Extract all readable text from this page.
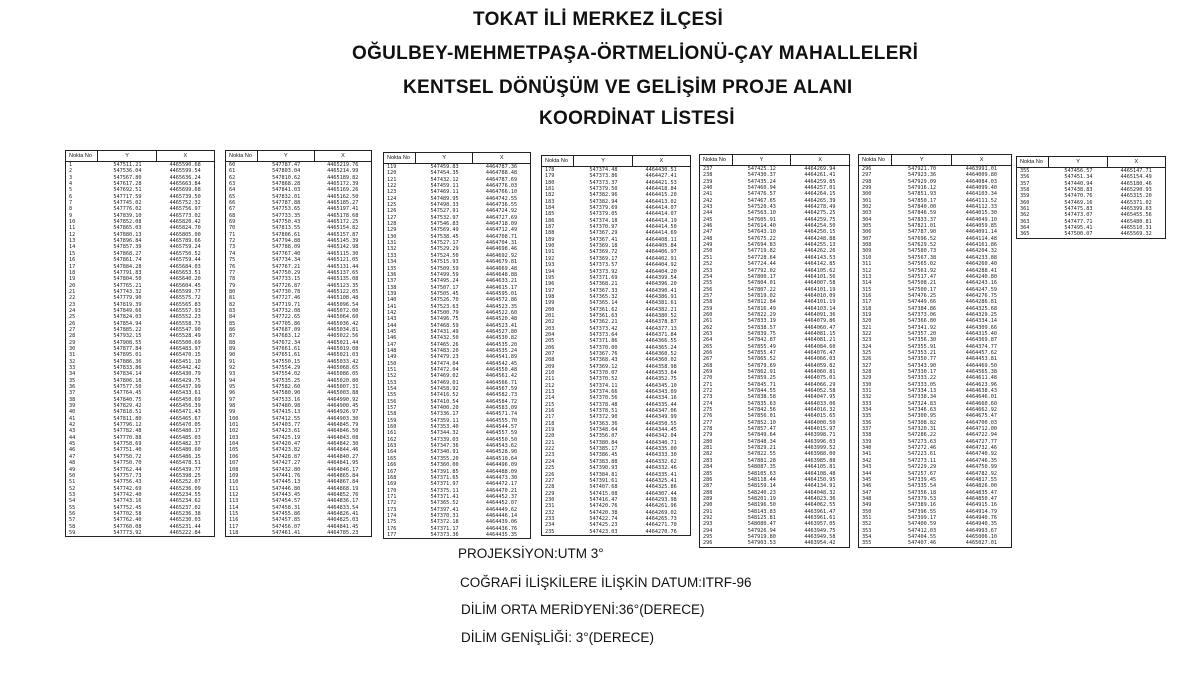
TOKAT İLİ MERKEZ İLÇESİ
OĞULBEY-MEHMETPAŞA-ÖRTMELİONÜ-ÇAY MAHALLELERİ
KENTSEL DÖNÜŞÜM VE GELİŞİM PROJE ALANI
KOORDİNAT LİSTESİ
Nokta No	Y	X
1	547511.21	4465590.68
2	547536.04	4465599.54
3	547567.80	4465636.24
4	547617.28	4465663.84
5	547692.51	4465699.68
6	547717.59	4465739.50
7	547745.02	4465752.32
8	547776.02	4465756.97
9	547839.10	4465773.02
10	547852.08	4465820.42
11	547865.03	4465824.70
12	547880.13	4465805.00
13	547896.84	4465789.66
14	547857.39	4465759.24
15	547868.27	4465750.52
16	547861.74	4465759.44
17	547884.28	4465684.03
18	547791.83	4465653.51
19	547804.50	4465640.20
20	547765.21	4465604.45
21	547743.32	4465599.77
22	547779.90	4465575.72
23	547819.39	4465565.83
24	547849.66	4465557.93
25	547824.03	4465552.23
26	547854.94	4465558.73
27	547885.22	4465547.90
28	547932.15	4465528.49
29	547908.55	4465500.69
30	547877.84	4465483.97
31	547895.01	4465470.15
32	547886.36	4465451.10
33	547833.86	4465442.42
34	547834.14	4465430.79
35	547806.18	4465429.75
36	547577.50	4465437.99
37	547764.45	4465433.61
38	547840.75	4465450.69
39	547829.42	4465456.39
40	547818.51	4465471.43
41	547811.80	4465465.67
42	547796.12	4465470.05
43	547782.48	4465480.17
44	547770.88	4465485.03
45	547758.69	4465482.37
46	547751.40	4465480.60
47	547750.72	4465486.15
48	547750.70	4465478.51
49	547762.44	4465439.77
50	547757.73	4465398.25
51	547756.43	4465252.07
52	547742.69	4465236.09
53	547742.40	4465234.55
54	547743.16	4465234.62
55	547752.45	4465237.02
56	547702.58	4465236.38
57	547762.40	4465230.03
58	547760.08	4465231.44
59	547773.92	4465222.84
Nokta No	Y	X
60	547787.47	4465219.76
61	547803.04	4465214.99
62	547810.62	4465189.82
63	547868.28	4465172.39
64	547841.03	4465169.26
65	547832.01	4465162.50
66	547787.88	4465185.27
67	547753.65	4465197.41
68	547733.35	4465178.68
69	547750.43	4465172.25
70	547813.55	4465154.82
71	547806.61	4465157.87
72	547794.88	4465145.39
73	547788.09	4465142.98
74	547767.40	4465115.30
75	547734.34	4465121.05
76	547767.21	4465131.44
77	547750.29	4465137.65
78	547733.15	4465135.08
79	547726.87	4465123.35
80	547730.78	4465122.05
81	547727.46	4465108.48
82	547719.71	4465096.54
83	547732.08	4465072.00
84	547722.65	4465064.60
85	547705.86	4465036.42
86	547687.09	4465034.81
87	547683.12	4465022.56
88	547672.34	4465021.44
89	547661.61	4465019.08
90	547651.61	4465021.03
91	547550.15	4465033.42
92	547554.29	4465068.65
93	547554.02	4465086.05
94	547535.25	4465020.80
95	547582.60	4465007.31
96	547580.90	4465003.88
97	547533.16	4464990.92
98	547480.98	4464900.45
99	547415.13	4464926.97
100	547412.55	4464903.30
101	547403.77	4464845.79
102	547423.61	4464846.50
103	547425.19	4464843.08
104	547420.47	4464842.30
105	547423.82	4464844.46
106	547428.87	4464840.27
107	547427.27	4464841.95
108	547432.80	4464846.17
109	547441.76	4464865.84
110	547445.13	4464867.84
111	547446.80	4464868.19
112	547443.45	4464852.76
113	547454.57	4464836.17
114	547458.31	4464833.54
115	547455.86	4464826.41
116	547457.85	4464825.03
117	547456.07	4464841.45
118	547461.41	4464785.23
Nokta No	Y	X
119	547459.83	4464787.36
120	547454.35	4464788.48
121	547432.12	4464787.69
122	547459.11	4464776.03
123	547469.11	4464766.10
124	547489.95	4464742.55
125	547498.33	4464736.55
126	547527.91	4464724.92
127	547532.97	4464727.69
128	547546.83	4464718.09
129	547569.49	4464712.49
130	547538.45	4464708.71
131	547527.17	4464704.31
132	547529.29	4464698.46
133	547524.50	4464692.92
134	547515.93	4464679.81
135	547509.59	4464669.48
136	547499.59	4464648.88
137	547495.24	4464633.21
138	547507.17	4464615.17
139	547505.45	4464595.01
140	547526.70	4464572.86
141	547523.63	4464523.35
142	547500.79	4464522.60
143	547496.75	4464520.48
144	547468.59	4464523.41
145	547431.49	4464527.80
146	547432.50	4464530.82
147	547465.26	4464535.20
148	547483.20	4464535.24
149	547479.23	4464541.89
150	547474.04	4464542.45
151	547472.04	4464550.48
152	547469.02	4464561.42
153	547469.01	4464566.71
154	547458.92	4464567.59
155	547416.52	4464582.73
156	547410.54	4464584.72
157	547400.20	4464583.09
158	547336.17	4464571.74
159	547359.11	4464555.70
160	547353.40	4464544.57
161	547344.32	4464557.59
162	547339.03	4464550.50
163	547347.36	4464543.62
164	547340.91	4464528.90
165	547355.20	4464510.64
166	547360.00	4464496.09
167	547391.85	4464488.09
168	547371.65	4464473.30
169	547371.97	4464472.17
170	547375.11	4464470.21
171	547371.41	4464452.37
172	547365.52	4464452.07
173	547397.41	4464449.62
174	547370.31	4464446.14
175	547372.18	4464439.06
176	547371.17	4464436.76
177	547373.36	4464435.35
Nokta No	Y	X
178	547374.48	4464430.51
179	547373.86	4464427.41
180	547373.37	4464421.53
181	547379.50	4464418.84
182	547382.96	4464415.20
183	547382.94	4464413.02
184	547379.69	4464414.07
185	547379.05	4464414.07
186	547374.18	4464414.19
187	547370.97	4464414.50
188	547367.29	4464414.69
189	547367.41	4464408.11
190	547369.18	4464405.84
191	547369.72	4464406.97
192	547369.17	4464402.91
193	547373.57	4464404.92
194	547373.92	4464404.20
195	547371.69	4464399.54
196	547368.21	4464396.20
197	547367.33	4464390.41
198	547365.32	4464386.91
199	547365.14	4464381.61
200	547361.62	4464382.21
201	547361.63	4464380.52
202	547362.21	4464378.87
203	547373.42	4464377.13
204	547373.64	4464371.84
205	547371.86	4464366.55
206	547370.00	4464365.24
207	547367.76	4464360.52
208	547368.43	4464360.02
209	547369.12	4464358.98
210	547370.07	4464353.64
211	547370.52	4464352.75
212	547374.11	4464345.10
213	547374.66	4464343.09
214	547370.56	4464334.16
215	547378.48	4464335.44
216	547378.51	4464347.06
217	547372.90	4464349.99
218	547363.36	4464350.55
219	547348.04	4464344.45
220	547356.07	4464342.04
221	547380.84	4464340.71
222	547385.17	4464335.00
223	547386.45	4464333.30
224	547383.88	4464332.62
225	547390.93	4464332.46
226	547384.81	4464335.41
227	547391.61	4464325.41
228	547407.68	4464325.86
229	547415.08	4464307.44
230	547416.47	4464293.98
231	547420.76	4464261.96
232	547420.38	4464269.02
233	547422.74	4464265.73
234	547425.23	4464271.70
235	547423.03	4464270.76
Nokta No	Y	X
237	547425.12	4464269.94
238	547430.37	4464261.41
239	547435.24	4464259.85
240	547460.94	4464257.01
241	547476.57	4464264.15
242	547467.65	4464265.39
243	547520.43	4464278.49
244	547563.10	4464275.25
245	547605.91	4464259.75
246	547614.40	4464254.50
247	547643.10	4464250.15
248	547675.22	4464248.88
249	547694.83	4464255.13
250	547719.82	4464262.26
251	547728.64	4464143.53
252	547724.44	4464142.85
253	547792.02	4464105.62
254	547800.17	4464101.56
255	547804.01	4464007.58
256	547807.22	4464101.19
257	547819.02	4464010.09
258	547812.84	4464101.19
259	547816.49	4464103.14
260	547822.29	4464091.36
261	547833.19	4464079.86
262	547838.57	4464060.47
263	547839.75	4464081.15
264	547842.87	4464081.21
265	547855.49	4464084.60
266	547855.47	4464076.47
267	547865.52	4464066.03
268	547879.69	4464059.82
269	547862.91	4464060.81
270	547859.25	4464075.01
271	547845.71	4464066.29
272	547844.55	4464052.58
273	547838.58	4464047.95
274	547835.63	4464033.06
275	547842.56	4464016.32
276	547856.01	4464015.65
277	547852.10	4464000.50
278	547857.47	4464015.97
279	547849.64	4463998.71
280	547848.34	4463996.03
281	547829.21	4463999.52
282	547822.55	4463988.00
283	547881.28	4463985.88
284	548087.35	4464105.81
285	548105.63	4464108.48
286	548118.44	4464150.95
287	548159.14	4464134.91
288	548240.23	4464048.32
289	548201.19	4464023.36
290	548196.50	4464062.55
291	548143.83	4463961.47
292	548125.81	4463961.61
293	548080.47	4463957.05
294	547926.94	4463949.75
295	547919.80	4463949.58
296	547903.53	4463954.42
Nokta No	Y	X
296	547921.70	4463991.01
297	547923.36	4464009.80
298	547929.09	4464084.03
299	547916.12	4464099.40
300	547851.93	4464103.34
301	547850.17	4464111.52
302	547840.00	4464112.33
303	547846.59	4464015.30
304	547833.37	4464049.10
305	547821.01	4464059.85
306	547787.90	4464091.14
307	547696.52	4464114.48
308	547629.52	4464161.86
309	547580.73	4464204.32
310	547567.38	4464233.88
311	547565.02	4464260.40
312	547561.92	4464288.41
313	547517.47	4464240.80
314	547508.21	4464243.16
315	547500.17	4464247.59
316	547476.25	4464276.75
317	547449.66	4464286.81
318	547384.86	4464325.68
319	547373.06	4464329.25
320	547366.80	4464334.14
321	547341.92	4464309.66
322	547357.20	4464315.40
323	547356.30	4464369.87
324	547355.91	4464374.77
325	547353.21	4464457.62
326	547350.77	4464453.81
327	547343.90	4464469.50
328	547330.17	4464565.38
329	547333.22	4464611.48
330	547333.05	4464623.96
331	547334.13	4464638.43
332	547338.34	4464646.01
333	547324.83	4464660.60
334	547346.63	4464662.92
335	547300.95	4464675.47
336	547308.82	4464700.03
337	547320.31	4464712.00
338	547286.22	4464722.94
339	547273.63	4464727.77
340	547272.46	4464732.46
341	547223.61	4464740.92
342	547273.11	4464746.35
343	547229.29	4464750.99
344	547257.67	4464782.92
345	547339.45	4464817.55
346	547335.54	4464826.00
347	547356.18	4464835.47
348	547379.53	4464850.47
349	547389.16	4464915.16
350	547396.55	4464914.79
351	547399.17	4464940.76
352	547400.59	4464940.35
353	547412.03	4464993.67
354	547404.55	4465006.10
355	547407.46	4465027.01
Nokta No	Y	X
355	547456.57	4465147.71
356	547451.34	4465154.49
357	547440.94	4465180.46
358	547438.83	4465290.93
359	547470.76	4465315.20
360	547469.16	4465371.02
361	547475.83	4465399.63
362	547473.07	4465455.56
363	547477.71	4465480.81
364	547495.41	4465510.31
365	547500.07	4465569.32
PROJEKSİYON:UTM 3°
COĞRAFİ İLİŞKİLERE İLİŞKİN DATUM:ITRF-96
DİLİM ORTA MERİDYENİ:36°(DERECE)
DİLİM GENİŞLİĞİ: 3°(DERECE)
